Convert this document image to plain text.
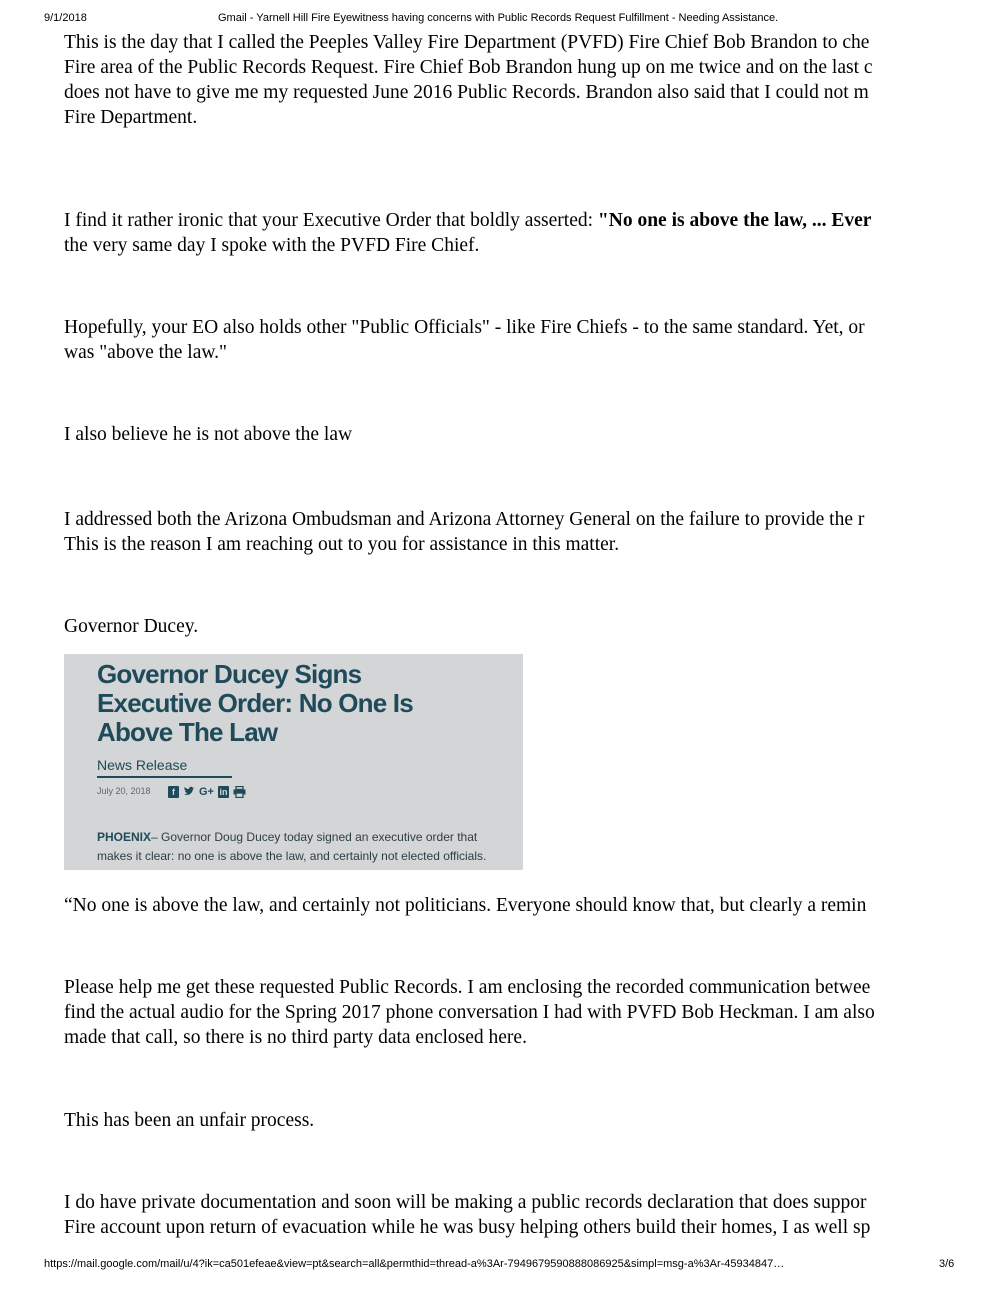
9/1/2018	Gmail - Yarnell Hill Fire Eyewitness having concerns with Public Records Request Fulfillment - Needing Assistance.

This is the day that I called the Peeples Valley Fire Department (PVFD) Fire Chief Bob Brandon to che
Fire area of the Public Records Request. Fire Chief Bob Brandon hung up on me twice and on the last c
does not have to give me my requested June 2016 Public Records. Brandon also said that I could not m
Fire Department.

I find it rather ironic that your Executive Order that boldly asserted: "No one is above the law, ... Ever
the very same day I spoke with the PVFD Fire Chief.

Hopefully, your EO also holds other "Public Officials" - like Fire Chiefs - to the same standard. Yet, or
was "above the law."

I also believe he is not above the law

I addressed both the Arizona Ombudsman and Arizona Attorney General on the failure to provide the r
This is the reason I am reaching out to you for assistance in this matter.

Governor Ducey.

“No one is above the law, and certainly not politicians. Everyone should know that, but clearly a remin

Please help me get these requested Public Records. I am enclosing the recorded communication betwee
find the actual audio for the Spring 2017 phone conversation I had with PVFD Bob Heckman. I am also
made that call, so there is no third party data enclosed here.

This has been an unfair process.

I do have private documentation and soon will be making a public records declaration that does suppor
Fire account upon return of evacuation while he was busy helping others build their homes, I as well sp

Governor Ducey Signs
Executive Order: No One Is
Above The Law
News Release
July 20, 2018	f G+ in
PHOENIX– Governor Doug Ducey today signed an executive order that
makes it clear: no one is above the law, and certainly not elected officials.
https://mail.google.com/mail/u/4?ik=ca501efeae&view=pt&search=all&permthid=thread-a%3Ar-7949679590888086925&simpl=msg-a%3Ar-45934847…	3/6
